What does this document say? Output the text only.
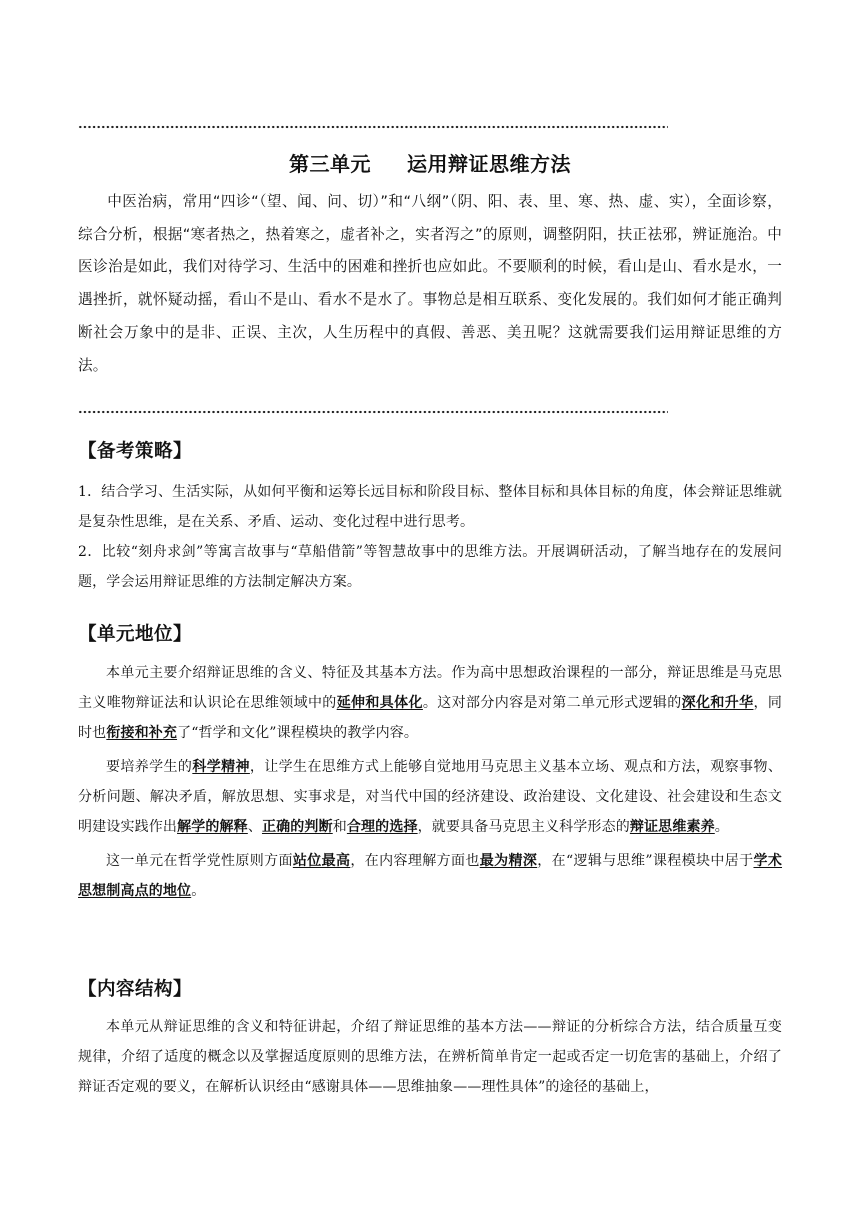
第三单元 运用辩证思维方法

中医治病，常用“四诊“（望、闻、问、切）”和“八纲”（阴、阳、表、里、寒、热、虚、实），全面诊察，综合分析，根据“寒者热之，热着寒之，虚者补之，实者泻之”的原则，调整阴阳，扶正祛邪，辨证施治。中医诊治是如此，我们对待学习、生活中的困难和挫折也应如此。不要顺利的时候，看山是山、看水是水，一遇挫折，就怀疑动摇，看山不是山、看水不是水了。事物总是相互联系、变化发展的。我们如何才能正确判断社会万象中的是非、正误、主次，人生历程中的真假、善恶、美丑呢？这就需要我们运用辩证思维的方法。

【备考策略】

1．结合学习、生活实际，从如何平衡和运筹长远目标和阶段目标、整体目标和具体目标的角度，体会辩证思维就是复杂性思维，是在关系、矛盾、运动、变化过程中进行思考。

2．比较“刻舟求剑”等寓言故事与“草船借箭”等智慧故事中的思维方法。开展调研活动，了解当地存在的发展问题，学会运用辩证思维的方法制定解决方案。

【单元地位】

本单元主要介绍辩证思维的含义、特征及其基本方法。作为高中思想政治课程的一部分，辩证思维是马克思主义唯物辩证法和认识论在思维领域中的延伸和具体化。这对部分内容是对第二单元形式逻辑的深化和升华，同时也衔接和补充了“哲学和文化”课程模块的教学内容。

要培养学生的科学精神，让学生在思维方式上能够自觉地用马克思主义基本立场、观点和方法，观察事物、分析问题、解决矛盾，解放思想、实事求是，对当代中国的经济建设、政治建设、文化建设、社会建设和生态文明建设实践作出解学的解释、正确的判断和合理的选择，就要具备马克思主义科学形态的辩证思维素养。

这一单元在哲学党性原则方面站位最高，在内容理解方面也最为精深，在“逻辑与思维”课程模块中居于学术思想制高点的地位。

【内容结构】

本单元从辩证思维的含义和特征讲起，介绍了辩证思维的基本方法——辩证的分析综合方法，结合质量互变规律，介绍了适度的概念以及掌握适度原则的思维方法，在辨析简单肯定一起或否定一切危害的基础上，介绍了辩证否定观的要义，在解析认识经由“感谢具体——思维抽象——理性具体”的途径的基础上，
